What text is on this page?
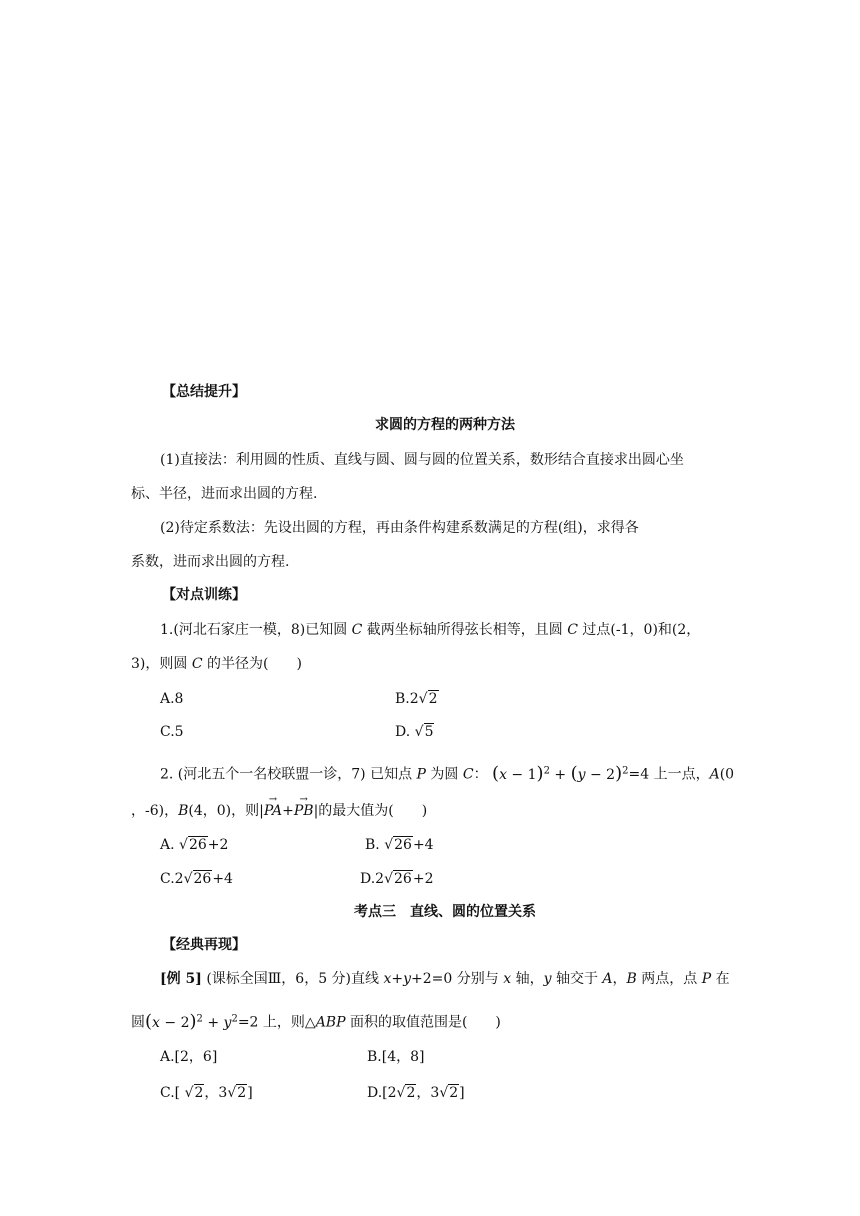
【总结提升】
求圆的方程的两种方法
(1)直接法：利用圆的性质、直线与圆、圆与圆的位置关系，数形结合直接求出圆心坐
标、半径，进而求出圆的方程.
(2)待定系数法：先设出圆的方程，再由条件构建系数满足的方程(组)，求得各
系数，进而求出圆的方程.
【对点训练】
1.(河北石家庄一模，8)已知圆 C 截两坐标轴所得弦长相等，且圆 C 过点(-1，0)和(2，
3)，则圆 C 的半径为(　　)
A.8	B.2√2
C.5	D. √5
2. (河北五个一名校联盟一诊，7) 已知点 P 为圆 C： $(x - 1)^2 + (y - 2)^2=4$ 上一点，A(0
，-6)，B(4，0)，则|→ PA+→ PB|的最大值为(　　)
A. √26+2	B. √26+4
C.2√26+4	D.2√26+2
考点三　直线、圆的位置关系
【经典再现】
[例 5] (课标全国Ⅲ，6，5 分)直线 x+y+2=0 分别与 x 轴，y 轴交于 A，B 两点，点 P 在
圆$(x - 2)^2 + y^2=2$ 上，则△ABP 面积的取值范围是(　　)
A.[2，6]	B.[4，8]
C.[ √2，3√2]	D.[2√2，3√2]
